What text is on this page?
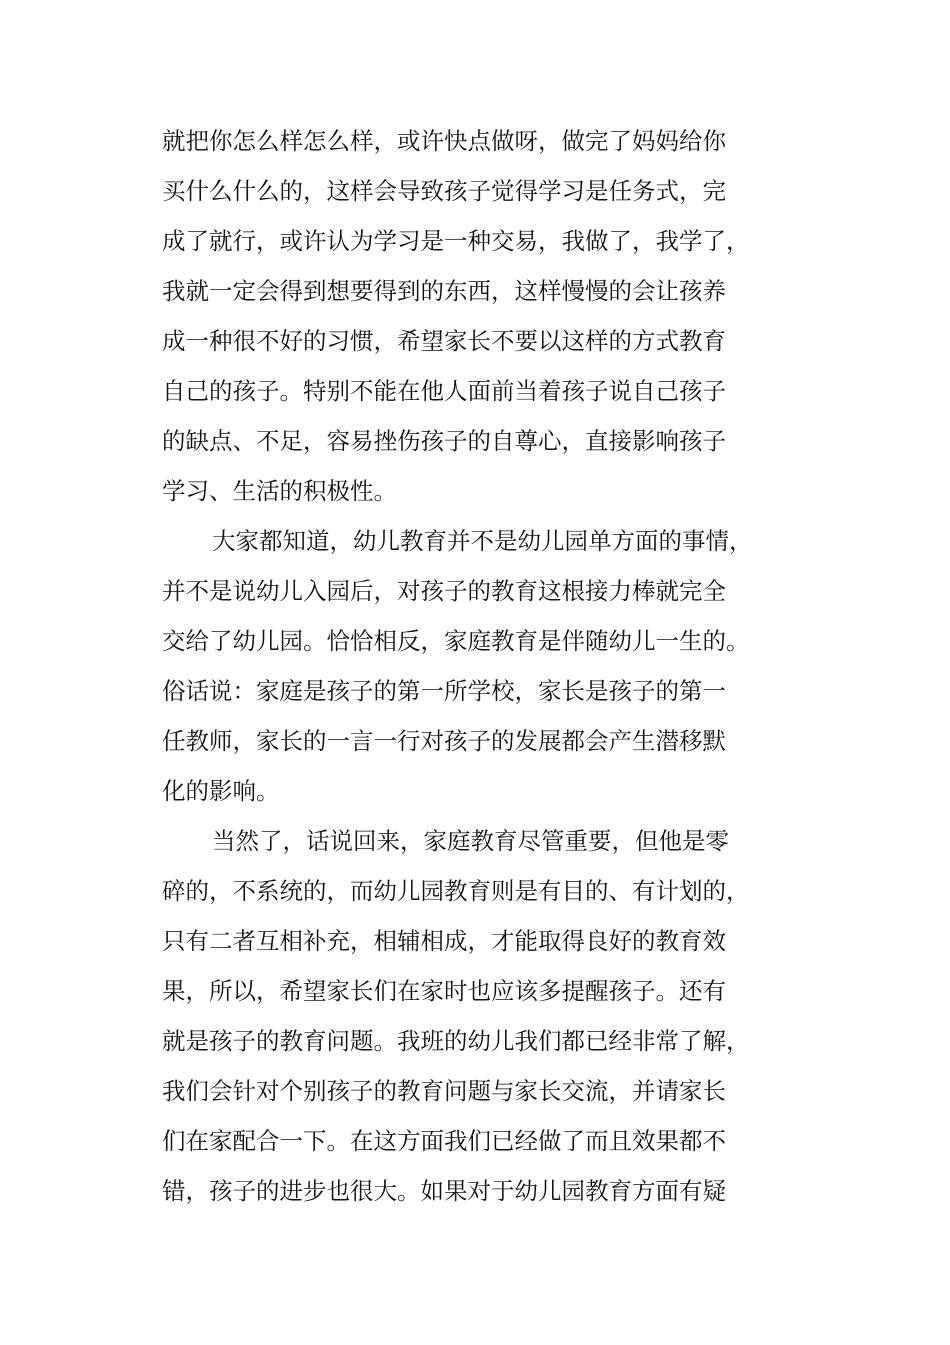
就把你怎么样怎么样，或许快点做呀，做完了妈妈给你
买什么什么的，这样会导致孩子觉得学习是任务式，完
成了就行，或许认为学习是一种交易，我做了，我学了，
我就一定会得到想要得到的东西，这样慢慢的会让孩养
成一种很不好的习惯，希望家长不要以这样的方式教育
自己的孩子。特别不能在他人面前当着孩子说自己孩子
的缺点、不足，容易挫伤孩子的自尊心，直接影响孩子
学习、生活的积极性。
大家都知道，幼儿教育并不是幼儿园单方面的事情，
并不是说幼儿入园后，对孩子的教育这根接力棒就完全
交给了幼儿园。恰恰相反，家庭教育是伴随幼儿一生的。
俗话说：家庭是孩子的第一所学校，家长是孩子的第一
任教师，家长的一言一行对孩子的发展都会产生潜移默
化的影响。
当然了，话说回来，家庭教育尽管重要，但他是零
碎的，不系统的，而幼儿园教育则是有目的、有计划的，
只有二者互相补充，相辅相成，才能取得良好的教育效
果，所以，希望家长们在家时也应该多提醒孩子。还有
就是孩子的教育问题。我班的幼儿我们都已经非常了解，
我们会针对个别孩子的教育问题与家长交流，并请家长
们在家配合一下。在这方面我们已经做了而且效果都不
错，孩子的进步也很大。如果对于幼儿园教育方面有疑
